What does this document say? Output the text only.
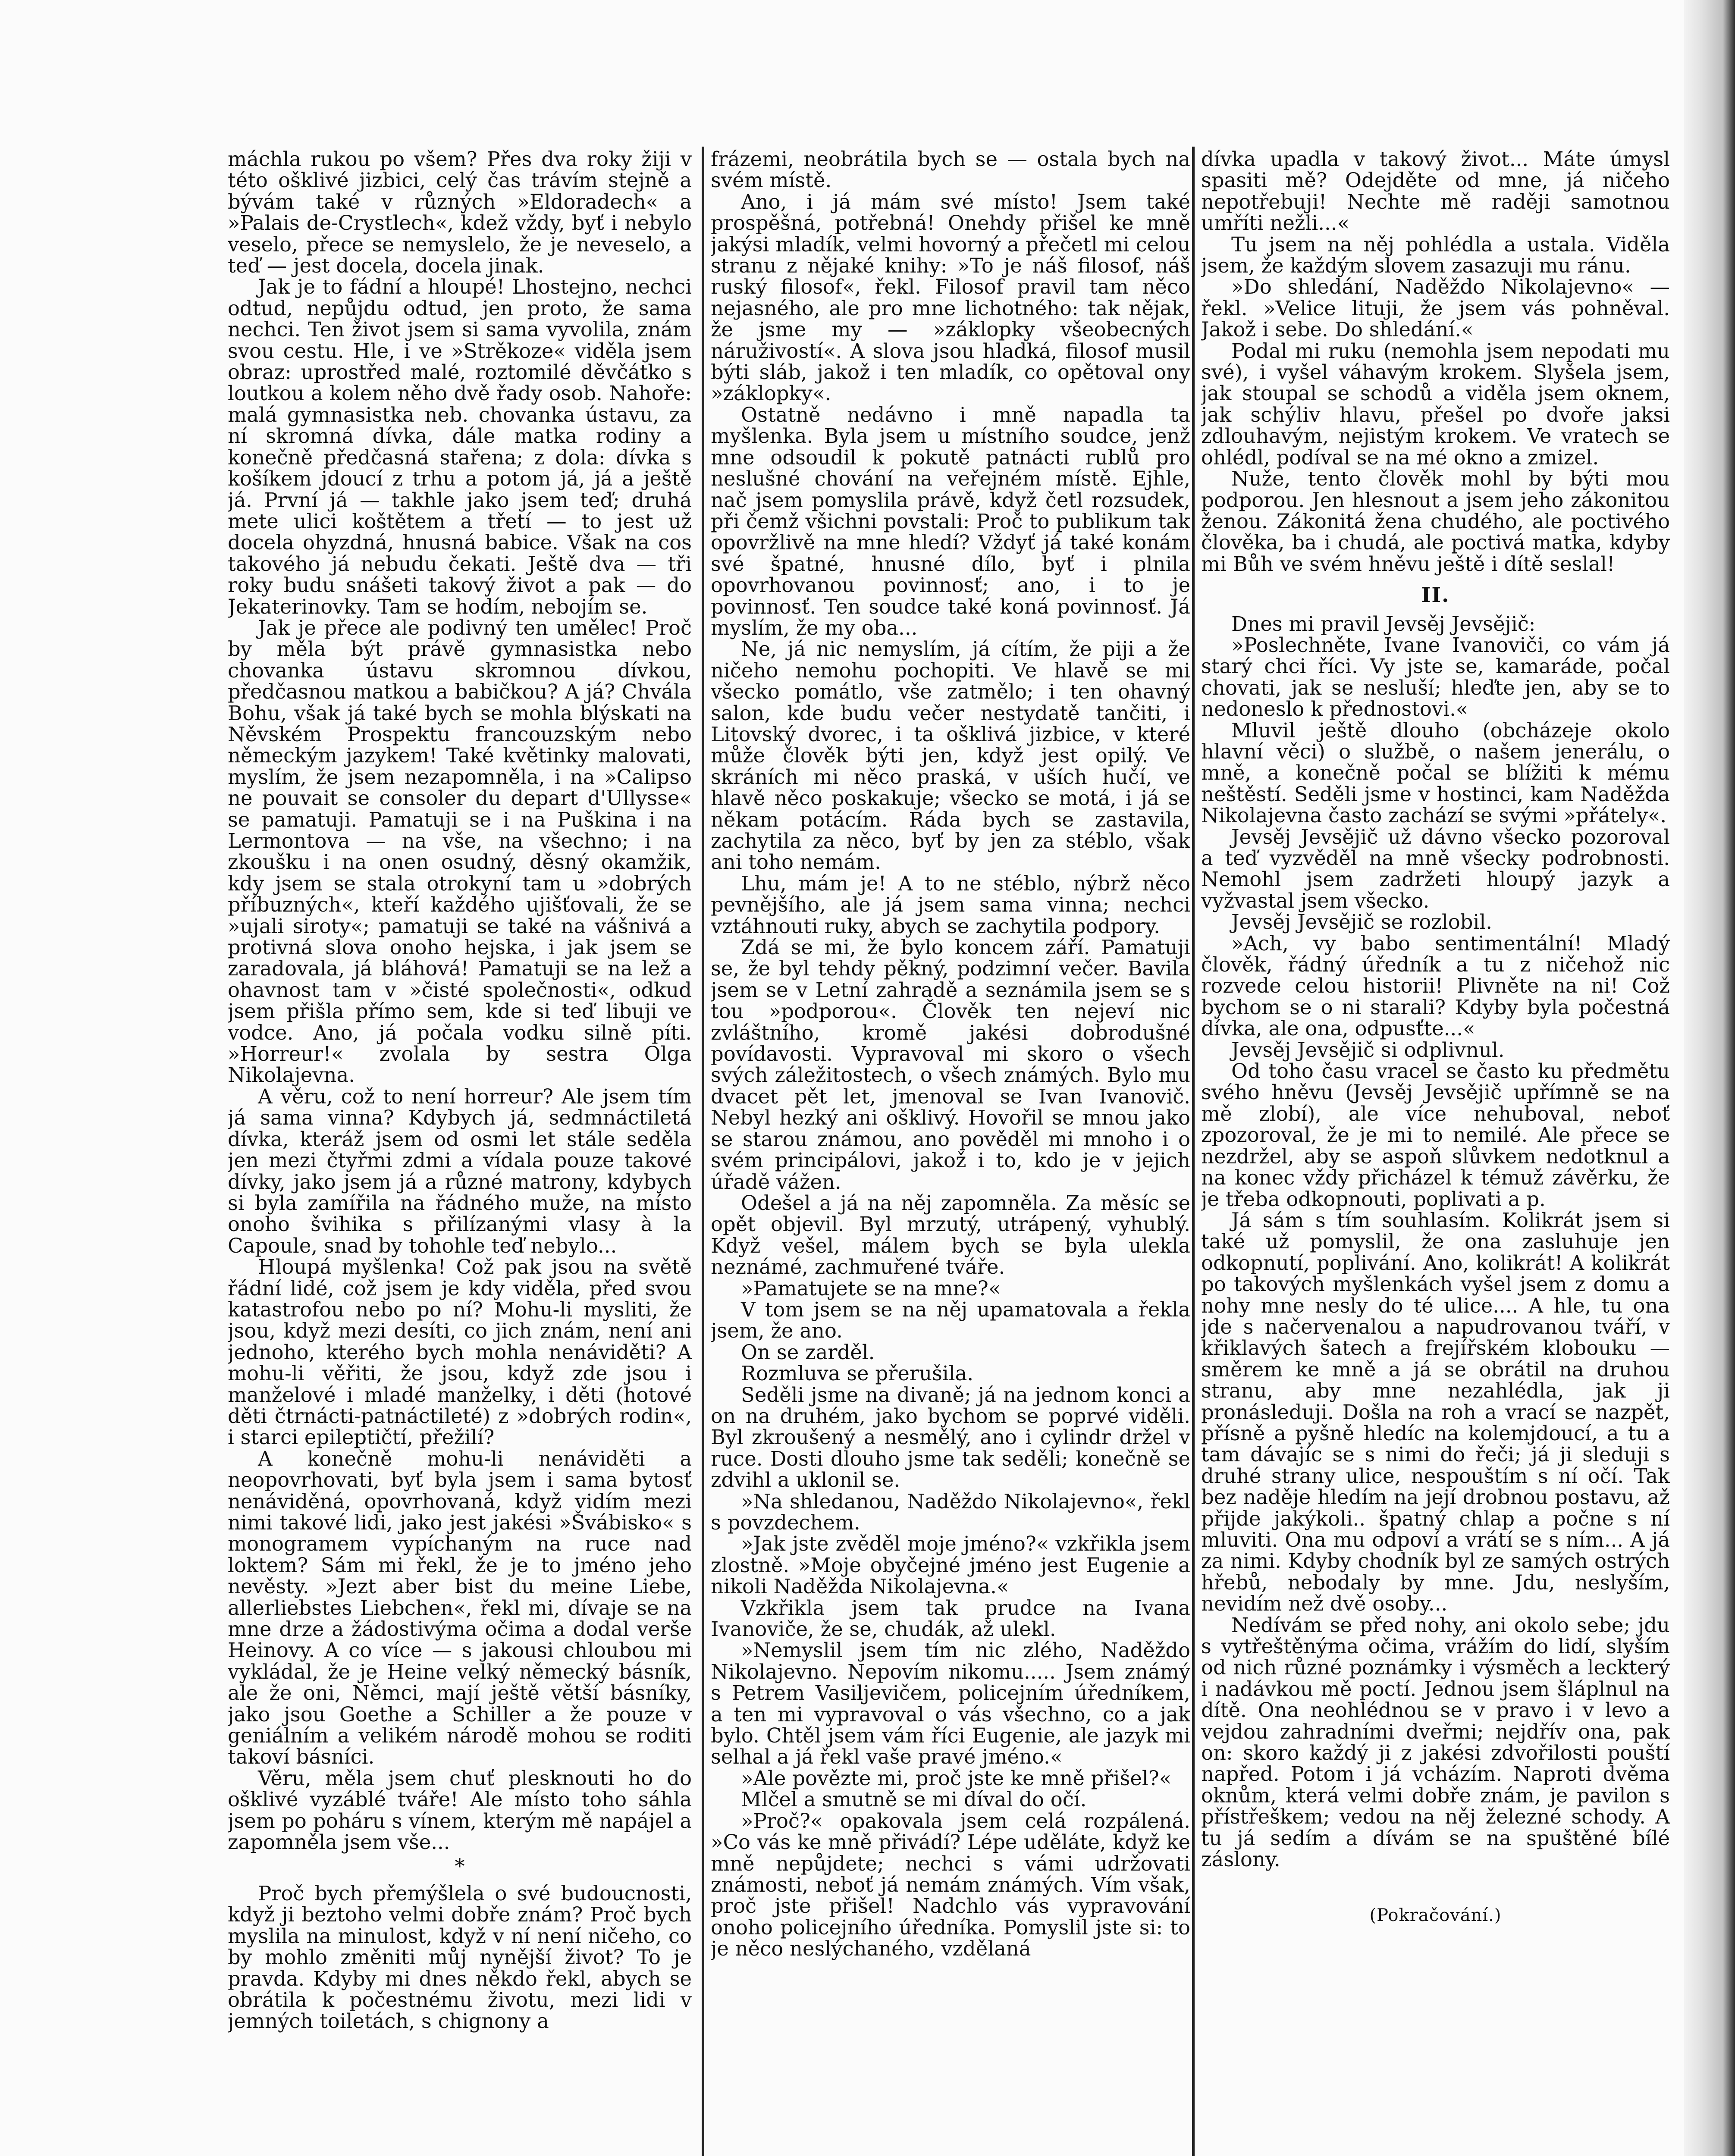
máchla rukou po všem? Přes dva roky žiji v této ošklivé jizbici, celý čas trávím stejně a bývám také v různých »Eldoradech« a »Palais de-Crystlech«, kdež vždy, byť i nebylo veselo, přece se nemyslelo, že je neveselo, a teď — jest docela, docela jinak.

Jak je to fádní a hloupé! Lhostejno, nechci odtud, nepůjdu odtud, jen proto, že sama nechci. Ten život jsem si sama vyvolila, znám svou cestu. Hle, i ve »Strěkoze« viděla jsem obraz: uprostřed malé, roztomilé děvčátko s loutkou a kolem něho dvě řady osob. Nahoře: malá gymnasistka neb. chovanka ústavu, za ní skromná dívka, dále matka rodiny a konečně předčasná stařena; z dola: dívka s košíkem jdoucí z trhu a potom já, já a ještě já. První já — takhle jako jsem teď; druhá mete ulici koštětem a třetí — to jest už docela ohyzdná, hnusná babice. Však na cos takového já nebudu čekati. Ještě dva — tři roky budu snášeti takový život a pak — do Jekaterinovky. Tam se hodím, nebojím se.

Jak je přece ale podivný ten umělec! Proč by měla být právě gymnasistka nebo chovanka ústavu skromnou dívkou, předčasnou matkou a babičkou? A já? Chvála Bohu, však já také bych se mohla blýskati na Něvském Prospektu francouzským nebo německým jazykem! Také květinky malovati, myslím, že jsem nezapomněla, i na »Calipso ne pouvait se consoler du depart d'Ullysse« se pamatuji. Pamatuji se i na Puškina i na Lermontova — na vše, na všechno; i na zkoušku i na onen osudný, děsný okamžik, kdy jsem se stala otrokyní tam u »dobrých příbuzných«, kteří každého ujišťovali, že se »ujali siroty«; pamatuji se také na vášnivá a protivná slova onoho hejska, i jak jsem se zaradovala, já bláhová! Pamatuji se na lež a ohavnost tam v »čisté společnosti«, odkud jsem přišla přímo sem, kde si teď libuji ve vodce. Ano, já počala vodku silně píti. »Horreur!« zvolala by sestra Olga Nikolajevna.

A věru, což to není horreur? Ale jsem tím já sama vinna? Kdybych já, sedmnáctiletá dívka, kteráž jsem od osmi let stále seděla jen mezi čtyřmi zdmi a vídala pouze takové dívky, jako jsem já a různé matrony, kdybych si byla zamířila na řádného muže, na místo onoho švihika s přilízanými vlasy à la Capoule, snad by tohohle teď nebylo...

Hloupá myšlenka! Což pak jsou na světě řádní lidé, což jsem je kdy viděla, před svou katastrofou nebo po ní? Mohu-li mysliti, že jsou, když mezi desíti, co jich znám, není ani jednoho, kterého bych mohla nenáviděti? A mohu-li věřiti, že jsou, když zde jsou i manželové i mladé manželky, i děti (hotové děti čtrnácti-patnáctileté) z »dobrých rodin«, i starci epileptičtí, přežilí?

A konečně mohu-li nenáviděti a neopovrhovati, byť byla jsem i sama bytosť nenáviděná, opovrhovaná, když vidím mezi nimi takové lidi, jako jest jakési »Švábisko« s monogramem vypíchaným na ruce nad loktem? Sám mi řekl, že je to jméno jeho nevěsty. »Jezt aber bist du meine Liebe, allerliebstes Liebchen«, řekl mi, dívaje se na mne drze a žádostivýma očima a dodal verše Heinovy. A co více — s jakousi chloubou mi vykládal, že je Heine velký německý básník, ale že oni, Němci, mají ještě větší básníky, jako jsou Goethe a Schiller a že pouze v geniálním a velikém národě mohou se roditi takoví básníci.

Věru, měla jsem chuť plesknouti ho do ošklivé vyzáblé tváře! Ale místo toho sáhla jsem po poháru s vínem, kterým mě napájel a zapomněla jsem vše...

*

Proč bych přemýšlela o své budoucnosti, když ji beztoho velmi dobře znám? Proč bych myslila na minulost, když v ní není ničeho, co by mohlo změniti můj nynější život? To je pravda. Kdyby mi dnes někdo řekl, abych se obrátila k počestnému životu, mezi lidi v jemných toiletách, s chignony a

frázemi, neobrátila bych se — ostala bych na svém místě.

Ano, i já mám své místo! Jsem také prospěšná, potřebná! Onehdy přišel ke mně jakýsi mladík, velmi hovorný a přečetl mi celou stranu z nějaké knihy: »To je náš filosof, náš ruský filosof«, řekl. Filosof pravil tam něco nejasného, ale pro mne lichotného: tak nějak, že jsme my — »záklopky všeobecných náruživostí«. A slova jsou hladká, filosof musil býti sláb, jakož i ten mladík, co opětoval ony »záklopky«.

Ostatně nedávno i mně napadla ta myšlenka. Byla jsem u místního soudce, jenž mne odsoudil k pokutě patnácti rublů pro neslušné chování na veřejném místě. Ejhle, nač jsem pomyslila právě, když četl rozsudek, při čemž všichni povstali: Proč to publikum tak opovržlivě na mne hledí? Vždyť já také konám své špatné, hnusné dílo, byť i plnila opovrhovanou povinnosť; ano, i to je povinnosť. Ten soudce také koná povinnosť. Já myslím, že my oba...

Ne, já nic nemyslím, já cítím, že piji a že ničeho nemohu pochopiti. Ve hlavě se mi všecko pomátlo, vše zatmělo; i ten ohavný salon, kde budu večer nestydatě tančiti, i Litovský dvorec, i ta ošklivá jizbice, v které může člověk býti jen, když jest opilý. Ve skráních mi něco praská, v uších hučí, ve hlavě něco poskakuje; všecko se motá, i já se někam potácím. Ráda bych se zastavila, zachytila za něco, byť by jen za stéblo, však ani toho nemám.

Lhu, mám je! A to ne stéblo, nýbrž něco pevnějšího, ale já jsem sama vinna; nechci vztáhnouti ruky, abych se zachytila podpory.

Zdá se mi, že bylo koncem září. Pamatuji se, že byl tehdy pěkný, podzimní večer. Bavila jsem se v Letní zahradě a seznámila jsem se s tou »podporou«. Člověk ten nejeví nic zvláštního, kromě jakési dobrodušné povídavosti. Vypravoval mi skoro o všech svých záležitostech, o všech známých. Bylo mu dvacet pět let, jmenoval se Ivan Ivanovič. Nebyl hezký ani ošklivý. Hovořil se mnou jako se starou známou, ano pověděl mi mnoho i o svém principálovi, jakož i to, kdo je v jejich úřadě vážen.

Odešel a já na něj zapomněla. Za měsíc se opět objevil. Byl mrzutý, utrápený, vyhublý. Když vešel, málem bych se byla ulekla neznámé, zachmuřené tváře.

»Pamatujete se na mne?«

V tom jsem se na něj upamatovala a řekla jsem, že ano.

On se zarděl.

Rozmluva se přerušila.

Seděli jsme na divaně; já na jednom konci a on na druhém, jako bychom se poprvé viděli. Byl zkroušený a nesmělý, ano i cylindr držel v ruce. Dosti dlouho jsme tak seděli; konečně se zdvihl a uklonil se.

»Na shledanou, Naděždo Nikolajevno«, řekl s povzdechem.

»Jak jste zvěděl moje jméno?« vzkřikla jsem zlostně. »Moje obyčejné jméno jest Eugenie a nikoli Naděžda Nikolajevna.«

Vzkřikla jsem tak prudce na Ivana Ivanoviče, že se, chudák, až ulekl.

»Nemyslil jsem tím nic zlého, Naděždo Nikolajevno. Nepovím nikomu..... Jsem známý s Petrem Vasiljevičem, policejním úředníkem, a ten mi vypravoval o vás všechno, co a jak bylo. Chtěl jsem vám říci Eugenie, ale jazyk mi selhal a já řekl vaše pravé jméno.«

»Ale povězte mi, proč jste ke mně přišel?«

Mlčel a smutně se mi díval do očí.

»Proč?« opakovala jsem celá rozpálená. »Co vás ke mně přivádí? Lépe uděláte, když ke mně nepůjdete; nechci s vámi udržovati známosti, neboť já nemám známých. Vím však, proč jste přišel! Nadchlo vás vypravování onoho policejního úředníka. Pomyslil jste si: to je něco neslýchaného, vzdělaná

dívka upadla v takový život... Máte úmysl spasiti mě? Odejděte od mne, já ničeho nepotřebuji! Nechte mě raději samotnou umříti nežli...«

Tu jsem na něj pohlédla a ustala. Viděla jsem, že každým slovem zasazuji mu ránu.

»Do shledání, Naděždo Nikolajevno« — řekl. »Velice lituji, že jsem vás pohněval. Jakož i sebe. Do shledání.«

Podal mi ruku (nemohla jsem nepodati mu své), i vyšel váhavým krokem. Slyšela jsem, jak stoupal se schodů a viděla jsem oknem, jak schýliv hlavu, přešel po dvoře jaksi zdlouhavým, nejistým krokem. Ve vratech se ohlédl, podíval se na mé okno a zmizel.

Nuže, tento člověk mohl by býti mou podporou. Jen hlesnout a jsem jeho zákonitou ženou. Zákonitá žena chudého, ale poctivého člověka, ba i chudá, ale poctivá matka, kdyby mi Bůh ve svém hněvu ještě i dítě seslal!

II.

Dnes mi pravil Jevsěj Jevsějič:

»Poslechněte, Ivane Ivanoviči, co vám já starý chci říci. Vy jste se, kamaráde, počal chovati, jak se nesluší; hleďte jen, aby se to nedoneslo k přednostovi.«

Mluvil ještě dlouho (obcházeje okolo hlavní věci) o službě, o našem jenerálu, o mně, a konečně počal se blížiti k mému neštěstí. Seděli jsme v hostinci, kam Naděžda Nikolajevna často zachází se svými »přátely«.

Jevsěj Jevsějič už dávno všecko pozoroval a teď vyzvěděl na mně všecky podrobnosti. Nemohl jsem zadržeti hloupý jazyk a vyžvastal jsem všecko.

Jevsěj Jevsějič se rozlobil.

»Ach, vy babo sentimentální! Mladý člověk, řádný úředník a tu z ničehož nic rozvede celou historii! Plivněte na ni! Což bychom se o ni starali? Kdyby byla počestná dívka, ale ona, odpusťte...«

Jevsěj Jevsějič si odplivnul.

Od toho času vracel se často ku předmětu svého hněvu (Jevsěj Jevsějič upřímně se na mě zlobí), ale více nehuboval, neboť zpozoroval, že je mi to nemilé. Ale přece se nezdržel, aby se aspoň slůvkem nedotknul a na konec vždy přicházel k témuž závěrku, že je třeba odkopnouti, poplivati a p.

Já sám s tím souhlasím. Kolikrát jsem si také už pomyslil, že ona zasluhuje jen odkopnutí, poplivání. Ano, kolikrát! A kolikrát po takových myšlenkách vyšel jsem z domu a nohy mne nesly do té ulice.... A hle, tu ona jde s načervenalou a napudrovanou tváří, v křiklavých šatech a frejířském klobouku — směrem ke mně a já se obrátil na druhou stranu, aby mne nezahlédla, jak ji pronásleduji. Došla na roh a vrací se nazpět, přísně a pyšně hledíc na kolemjdoucí, a tu a tam dávajíc se s nimi do řeči; já ji sleduji s druhé strany ulice, nespouštím s ní očí. Tak bez naděje hledím na její drobnou postavu, až přijde jakýkoli.. špatný chlap a počne s ní mluviti. Ona mu odpoví a vrátí se s ním... A já za nimi. Kdyby chodník byl ze samých ostrých hřebů, nebodaly by mne. Jdu, neslyším, nevidím než dvě osoby...

Nedívám se před nohy, ani okolo sebe; jdu s vytřeštěnýma očima, vrážím do lidí, slyším od nich různé poznámky i výsměch a leckterý i nadávkou mě poctí. Jednou jsem šláplnul na dítě. Ona neohlédnou se v pravo i v levo a vejdou zahradními dveřmi; nejdřív ona, pak on: skoro každý ji z jakési zdvořilosti pouští napřed. Potom i já vcházím. Naproti dvěma oknům, která velmi dobře znám, je pavilon s přístřeškem; vedou na něj železné schody. A tu já sedím a dívám se na spuštěné bílé záslony.

(Pokračování.)
